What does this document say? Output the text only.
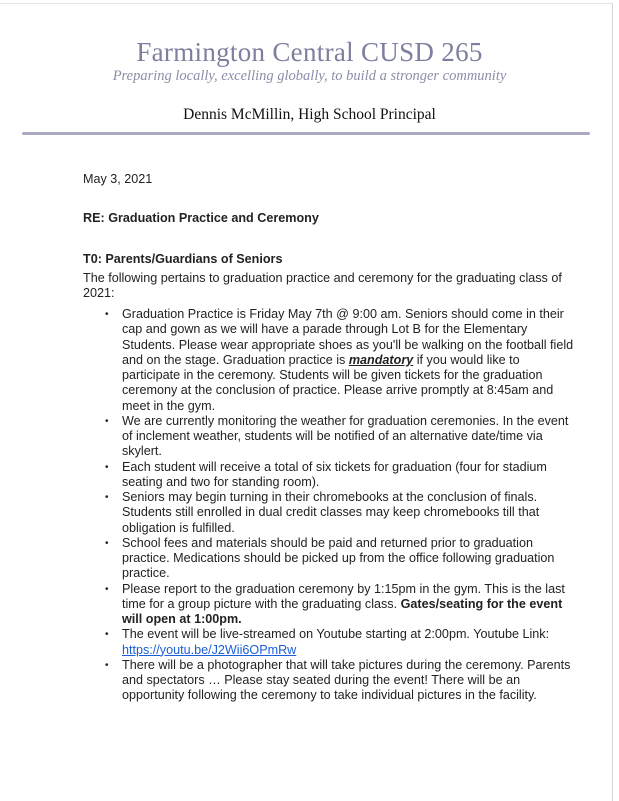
Farmington Central CUSD 265
Preparing locally, excelling globally, to build a stronger community
Dennis McMillin, High School Principal
May 3, 2021
RE: Graduation Practice and Ceremony
T0: Parents/Guardians of Seniors
The following pertains to graduation practice and ceremony for the graduating class of
2021:
• Graduation Practice is Friday May 7th @ 9:00 am. Seniors should come in their
cap and gown as we will have a parade through Lot B for the Elementary
Students. Please wear appropriate shoes as you'll be walking on the football field
and on the stage. Graduation practice is mandatory if you would like to
participate in the ceremony. Students will be given tickets for the graduation
ceremony at the conclusion of practice. Please arrive promptly at 8:45am and
meet in the gym.
• We are currently monitoring the weather for graduation ceremonies. In the event
of inclement weather, students will be notified of an alternative date/time via
skylert.
• Each student will receive a total of six tickets for graduation (four for stadium
seating and two for standing room).
• Seniors may begin turning in their chromebooks at the conclusion of finals.
Students still enrolled in dual credit classes may keep chromebooks till that
obligation is fulfilled.
• School fees and materials should be paid and returned prior to graduation
practice. Medications should be picked up from the office following graduation
practice.
• Please report to the graduation ceremony by 1:15pm in the gym. This is the last
time for a group picture with the graduating class. Gates/seating for the event
will open at 1:00pm.
• The event will be live-streamed on Youtube starting at 2:00pm. Youtube Link:
https://youtu.be/J2Wii6OPmRw
• There will be a photographer that will take pictures during the ceremony. Parents
and spectators … Please stay seated during the event! There will be an
opportunity following the ceremony to take individual pictures in the facility.
